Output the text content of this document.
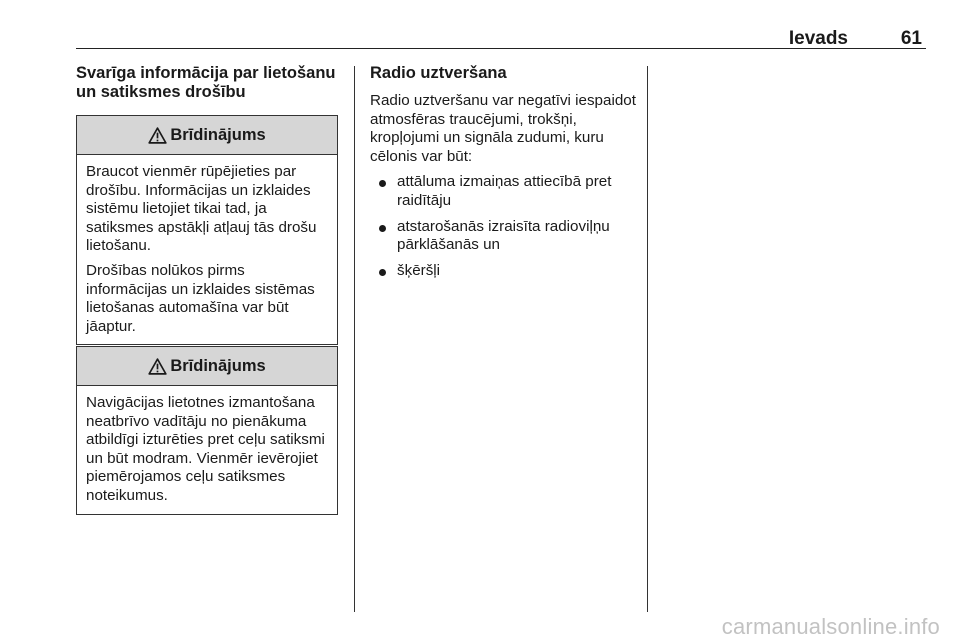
Ievads	61
Svarīga informācija par lietošanu un satiksmes drošību
Brīdinājums

Braucot vienmēr rūpējieties par drošību. Informācijas un izklaides sistēmu lietojiet tikai tad, ja satiksmes apstākļi atļauj tās drošu lietošanu.

Drošības nolūkos pirms informācijas un izklaides sistēmas lietošanas automašīna var būt jāaptur.

Brīdinājums

Navigācijas lietotnes izmantošana neatbrīvo vadītāju no pienākuma atbildīgi izturēties pret ceļu satiksmi un būt modram. Vienmēr ievērojiet piemērojamos ceļu satiksmes noteikumus.

Radio uztveršana

Radio uztveršanu var negatīvi iespaidot atmosfēras traucējumi, trokšņi, kropļojumi un signāla zudumi, kuru cēlonis var būt:

attāluma izmaiņas attiecībā pret raidītāju

atstarošanās izraisīta radioviļņu pārklāšanās un

šķēršļi

carmanualsonline.info
